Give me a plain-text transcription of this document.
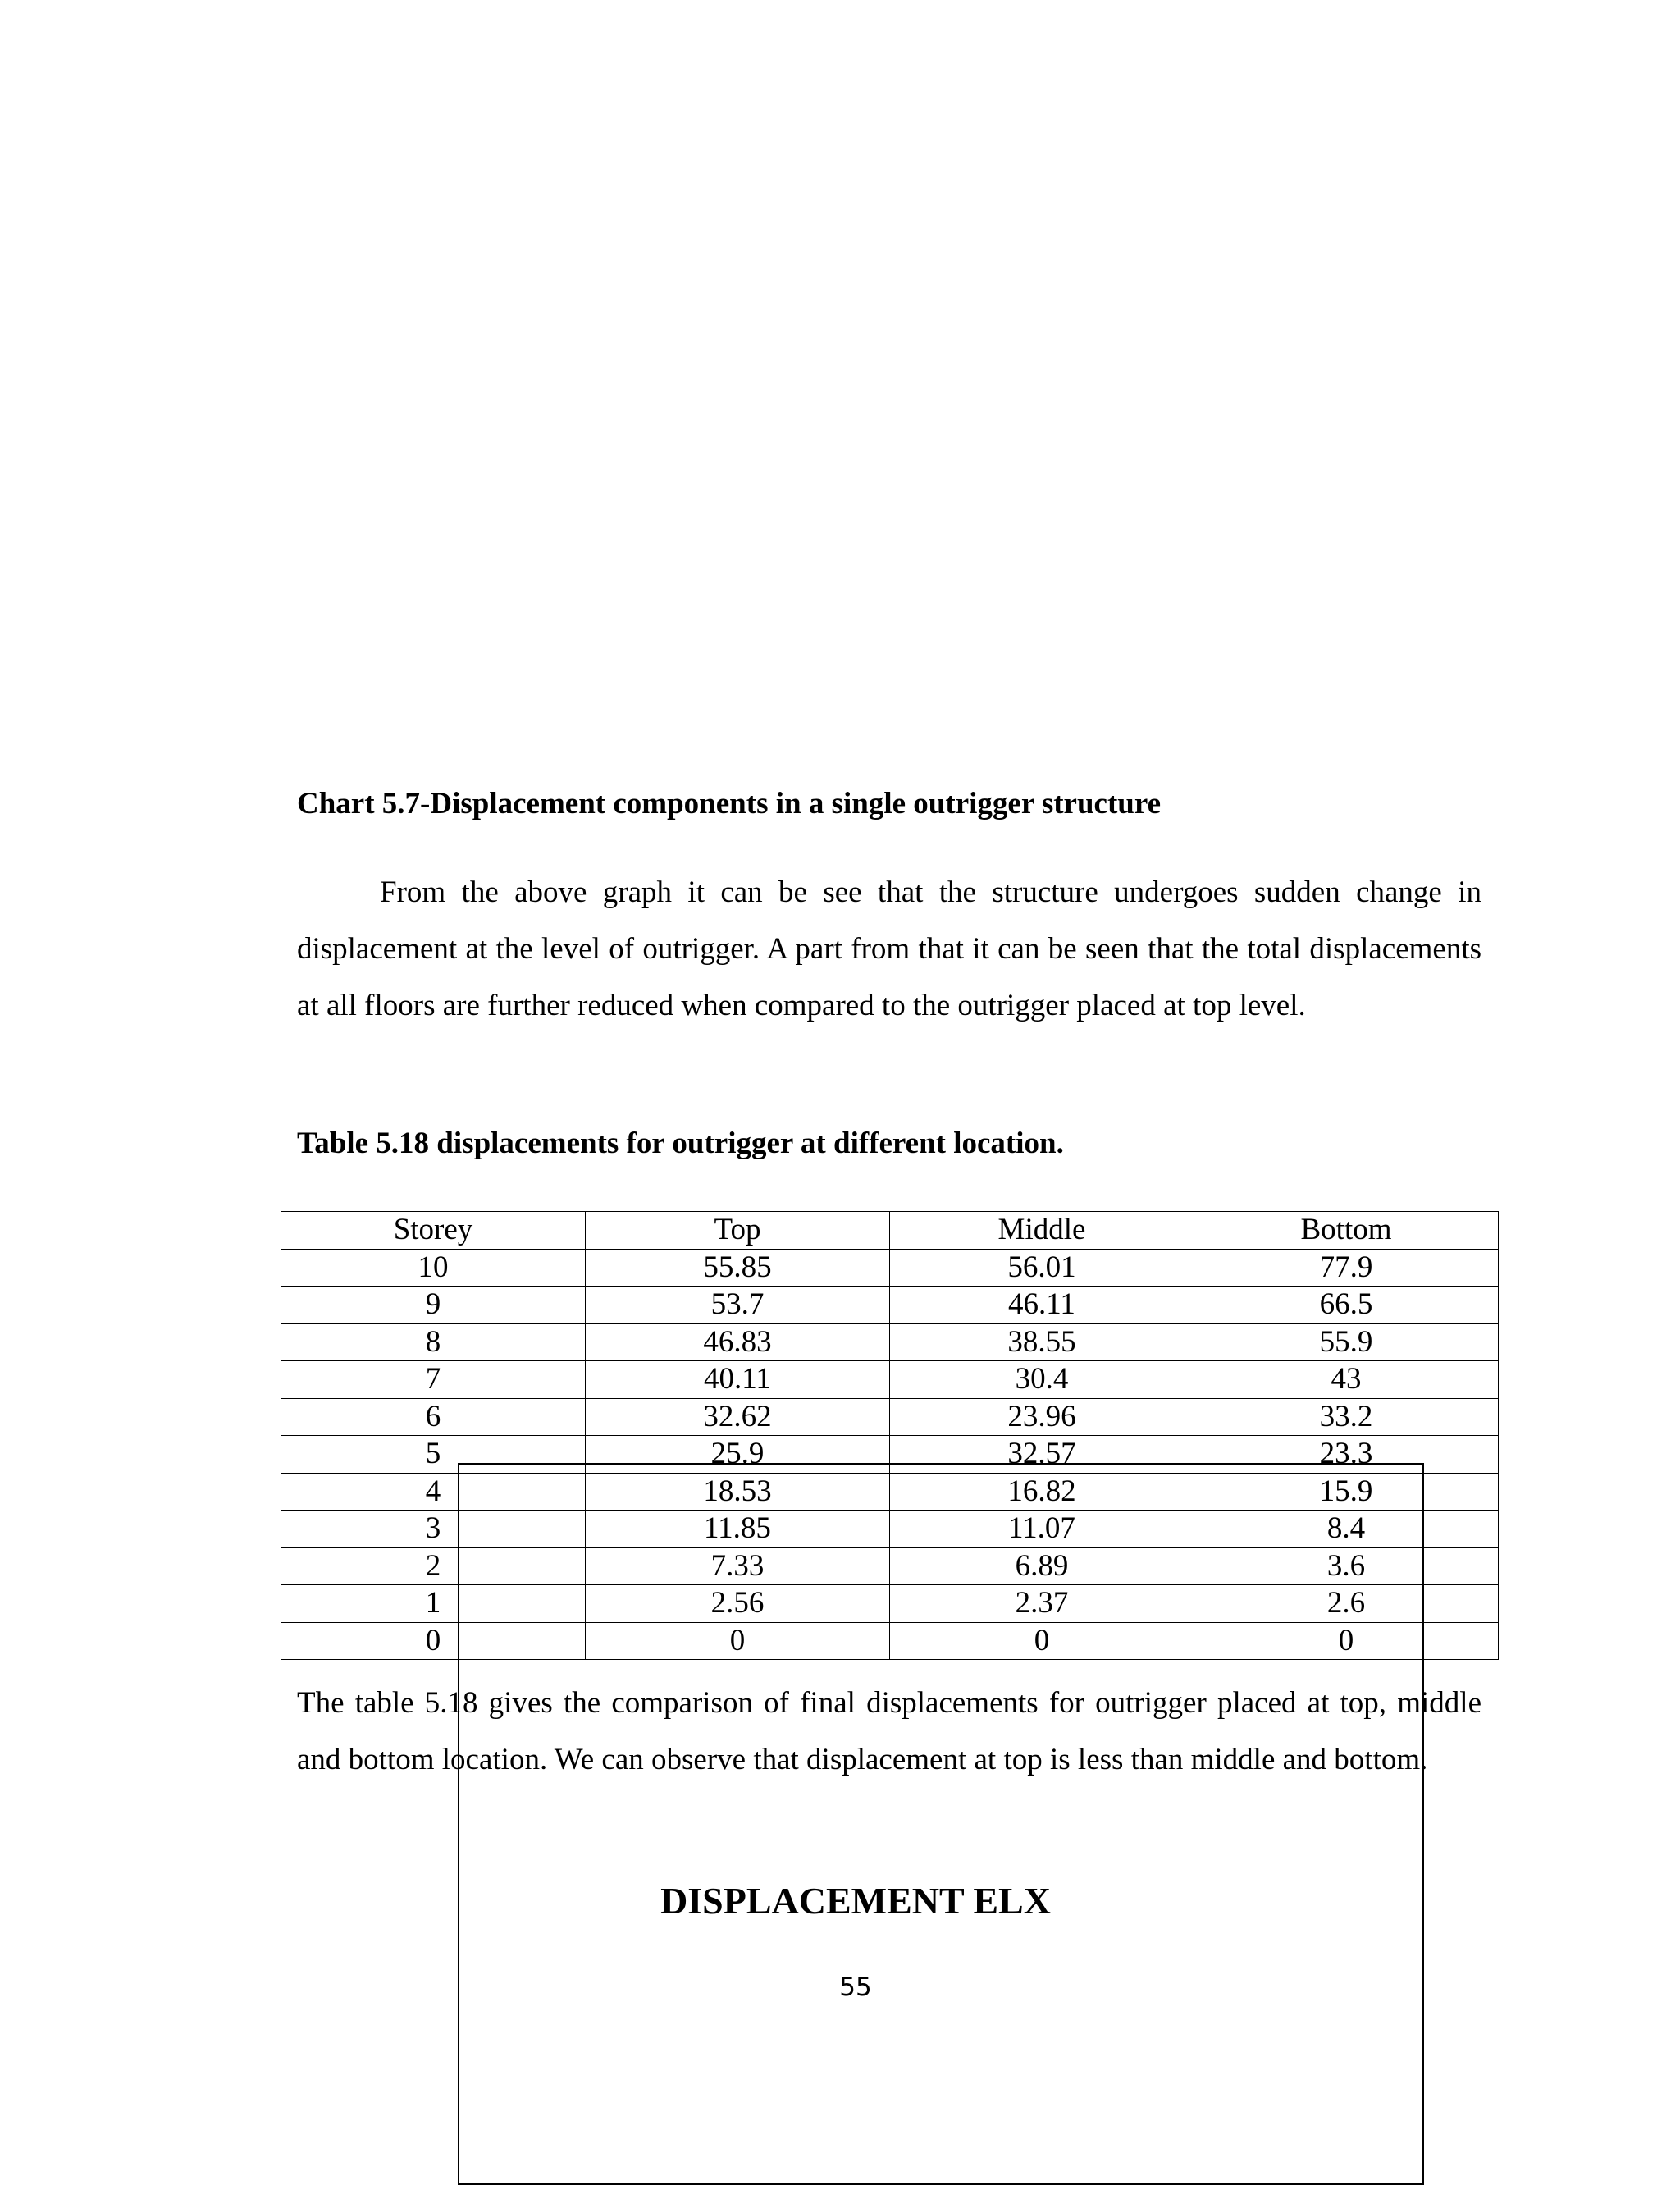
Chart 5.7-Displacement components in a single outrigger structure

From the above graph it can be see that the structure undergoes sudden change in displacement at the level of outrigger. A part from that it can be seen that the total displacements at all floors are further reduced when compared to the outrigger placed at top level.

Table 5.18 displacements for outrigger at different location.

Storey	Top	Middle	Bottom
10	55.85	56.01	77.9
9	53.7	46.11	66.5
8	46.83	38.55	55.9
7	40.11	30.4	43
6	32.62	23.96	33.2
5	25.9	32.57	23.3
4	18.53	16.82	15.9
3	11.85	11.07	8.4
2	7.33	6.89	3.6
1	2.56	2.37	2.6
0	0	0	0

The table 5.18 gives the comparison of final displacements for outrigger placed at top, middle and bottom location. We can observe that displacement at top is less than middle and bottom.

DISPLACEMENT ELX

55
